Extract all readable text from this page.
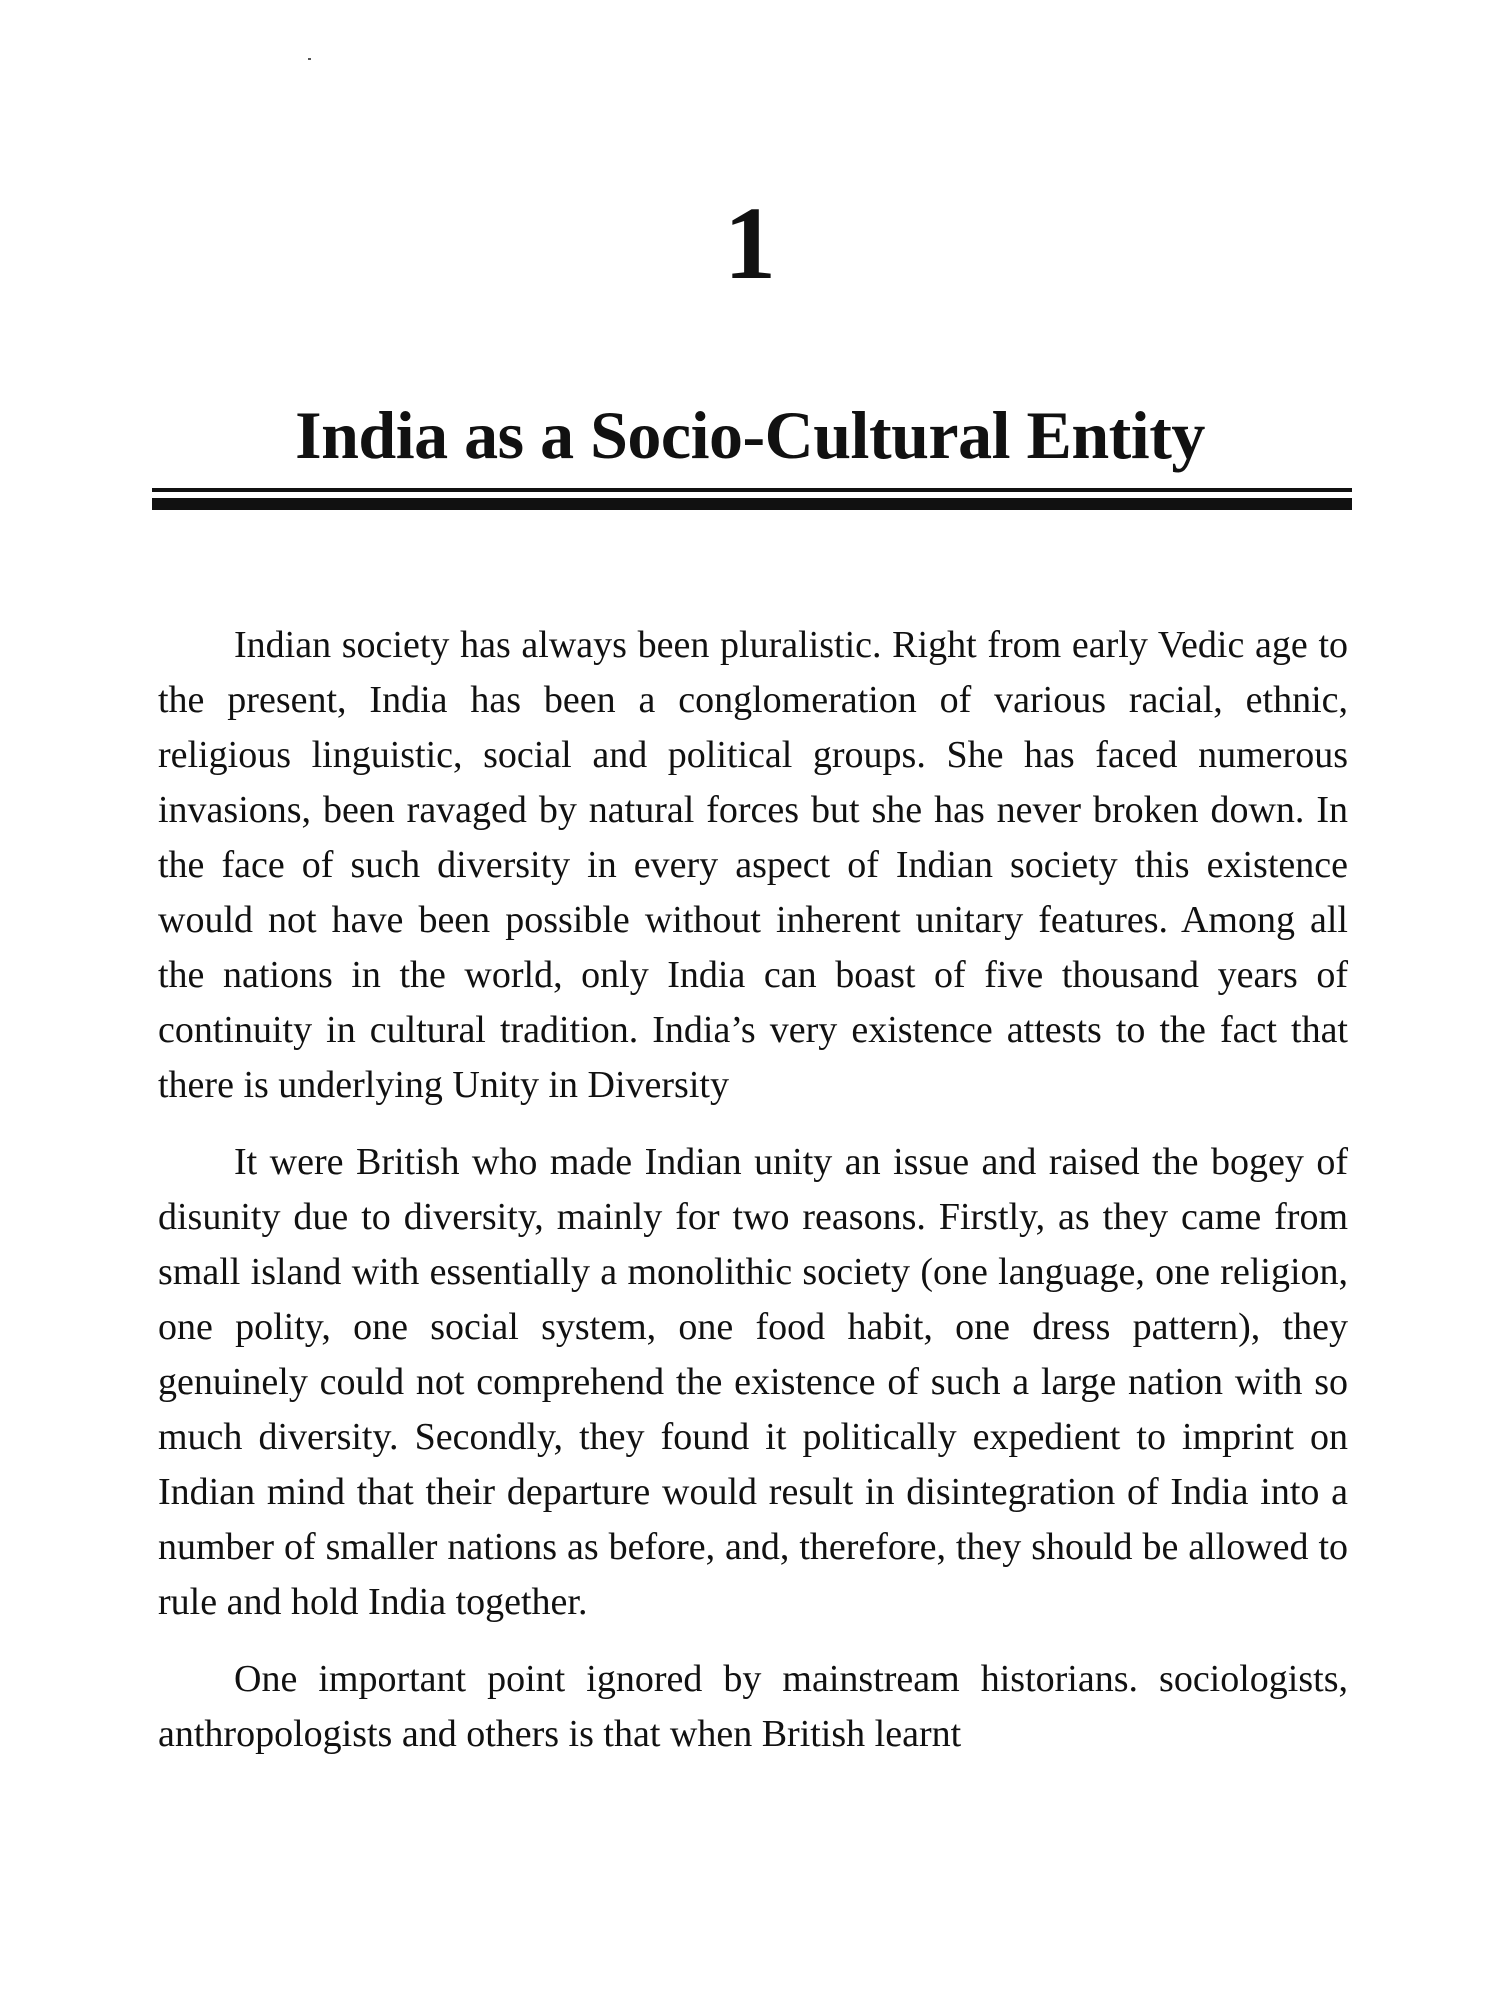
1
India as a Socio-Cultural Entity

Indian society has always been pluralistic. Right from early Vedic age to the present, India has been a conglomeration of various racial, ethnic, religious linguistic, social and political groups. She has faced numerous invasions, been ravaged by natural forces but she has never broken down. In the face of such diversity in every aspect of Indian society this existence would not have been possible without inherent unitary features. Among all the nations in the world, only India can boast of five thousand years of continuity in cultural tradition. India’s very existence attests to the fact that there is underlying Unity in Diversity

It were British who made Indian unity an issue and raised the bogey of disunity due to diversity, mainly for two reasons. Firstly, as they came from small island with essentially a monolithic society (one language, one religion, one polity, one social system, one food habit, one dress pattern), they genuinely could not comprehend the existence of such a large nation with so much diversity. Secondly, they found it politically expedient to imprint on Indian mind that their departure would result in disintegration of India into a number of smaller nations as before, and, therefore, they should be allowed to rule and hold India together.

One important point ignored by mainstream historians. sociologists, anthropologists and others is that when British learnt
